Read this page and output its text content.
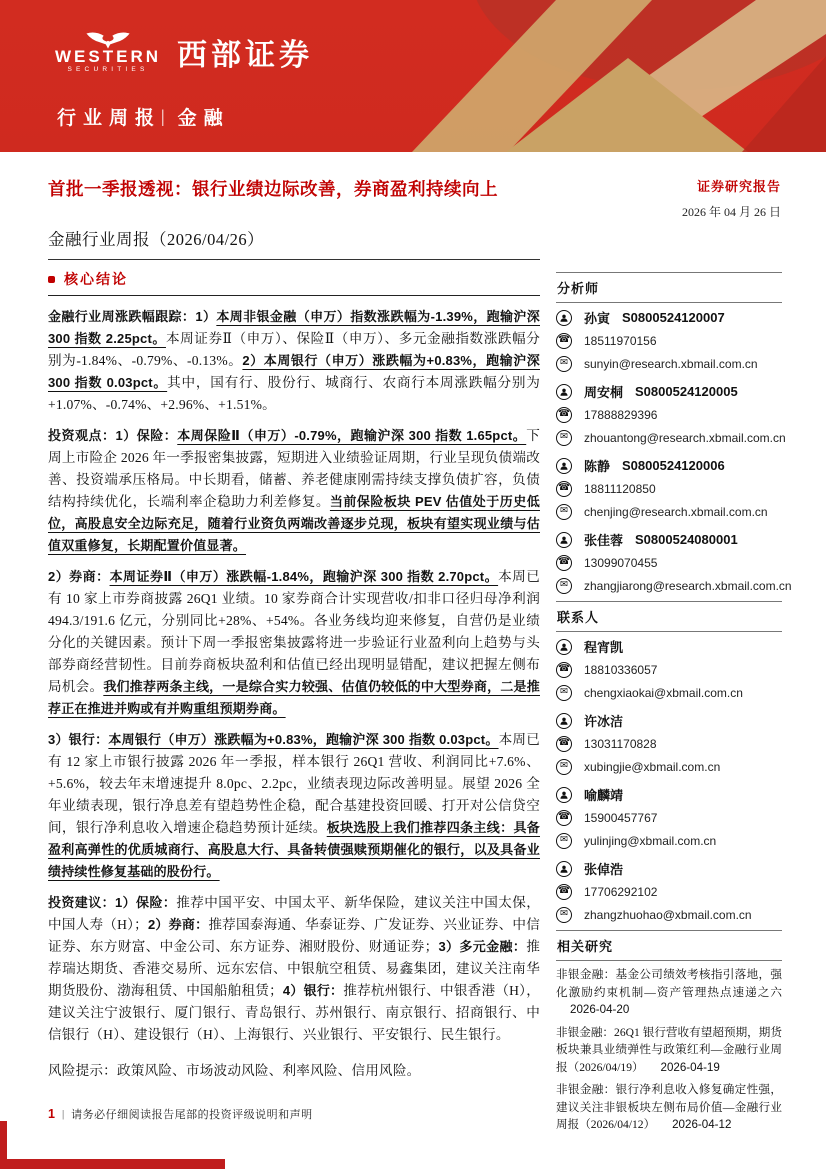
WESTERN
SECURITIES 西部证券
行业周报 | 金融
首批一季报透视：银行业绩边际改善，券商盈利持续向上	证券研究报告
2026 年 04 月 26 日
金融行业周报（2026/04/26）
核心结论

金融行业周涨跌幅跟踪：1）本周非银金融（申万）指数涨跌幅为-1.39%，跑输沪深 300 指数 2.25pct。本周证券Ⅱ（申万）、保险Ⅱ（申万）、多元金融指数涨跌幅分别为-1.84%、-0.79%、-0.13%。2）本周银行（申万）涨跌幅为+0.83%，跑输沪深 300 指数 0.03pct。其中，国有行、股份行、城商行、农商行本周涨跌幅分别为+1.07%、-0.74%、+2.96%、+1.51%。

投资观点：1）保险：本周保险Ⅱ（申万）-0.79%，跑输沪深 300 指数 1.65pct。下周上市险企 2026 年一季报密集披露，短期进入业绩验证周期，行业呈现负债端改善、投资端承压格局。中长期看，储蓄、养老健康刚需持续支撑负债扩容，负债结构持续优化，长端利率企稳助力利差修复。当前保险板块 PEV 估值处于历史低位，高股息安全边际充足，随着行业资负两端改善逐步兑现，板块有望实现业绩与估值双重修复，长期配置价值显著。

2）券商：本周证券Ⅱ（申万）涨跌幅-1.84%，跑输沪深 300 指数 2.70pct。本周已有 10 家上市券商披露 26Q1 业绩。10 家券商合计实现营收/扣非口径归母净利润 494.3/191.6 亿元，分别同比+28%、+54%。各业务线均迎来修复，自营仍是业绩分化的关键因素。预计下周一季报密集披露将进一步验证行业盈利向上趋势与头部券商经营韧性。目前券商板块盈利和估值已经出现明显错配，建议把握左侧布局机会。我们推荐两条主线，一是综合实力较强、估值仍较低的中大型券商，二是推荐正在推进并购或有并购重组预期券商。

3）银行：本周银行（申万）涨跌幅为+0.83%，跑输沪深 300 指数 0.03pct。本周已有 12 家上市银行披露 2026 年一季报，样本银行 26Q1 营收、利润同比+7.6%、+5.6%，较去年末增速提升 8.0pc、2.2pc，业绩表现边际改善明显。展望 2026 全年业绩表现，银行净息差有望趋势性企稳，配合基建投资回暖、打开对公信贷空间，银行净利息收入增速企稳趋势预计延续。板块选股上我们推荐四条主线：具备盈利高弹性的优质城商行、高股息大行、具备转债强赎预期催化的银行，以及具备业绩持续性修复基础的股份行。

投资建议：1）保险：推荐中国平安、中国太平、新华保险，建议关注中国太保，中国人寿（H）；2）券商：推荐国泰海通、华泰证券、广发证券、兴业证券、中信证券、东方财富、中金公司、东方证券、湘财股份、财通证券；3）多元金融：推荐瑞达期货、香港交易所、远东宏信、中银航空租赁、易鑫集团，建议关注南华期货股份、渤海租赁、中国船舶租赁；4）银行：推荐杭州银行、中银香港（H），建议关注宁波银行、厦门银行、青岛银行、苏州银行、南京银行、招商银行、中信银行（H）、建设银行（H）、上海银行、兴业银行、平安银行、民生银行。

风险提示：政策风险、市场波动风险、利率风险、信用风险。

分析师
孙寅 S0800524120007
☎ 18511970156
✉	sunyin@research.xbmail.com.cn
周安桐 S0800524120005
☎ 17888829396
✉	zhouantong@research.xbmail.com.cn
陈静 S0800524120006
☎ 18811120850
✉	chenjing@research.xbmail.com.cn
张佳蓉 S0800524080001
☎ 13099070455
✉	zhangjiarong@research.xbmail.com.cn
联系人
程宵凯
☎ 18810336057
✉	chengxiaokai@xbmail.com.cn
许冰洁
☎ 13031170828
✉	xubingjie@xbmail.com.cn
喻麟靖
☎ 15900457767
✉	yulinjing@xbmail.com.cn
张倬浩
☎ 17706292102
✉	zhangzhuohao@xbmail.com.cn
相关研究
非银金融：基金公司绩效考核指引落地，强化激励约束机制—资产管理热点速递之六 2026-04-20
非银金融：26Q1 银行营收有望超预期，期货板块兼具业绩弹性与政策红利—金融行业周报（2026/04/19） 2026-04-19
非银金融：银行净利息收入修复确定性强，建议关注非银板块左侧布局价值—金融行业周报（2026/04/12） 2026-04-12
1 | 请务必仔细阅读报告尾部的投资评级说明和声明
